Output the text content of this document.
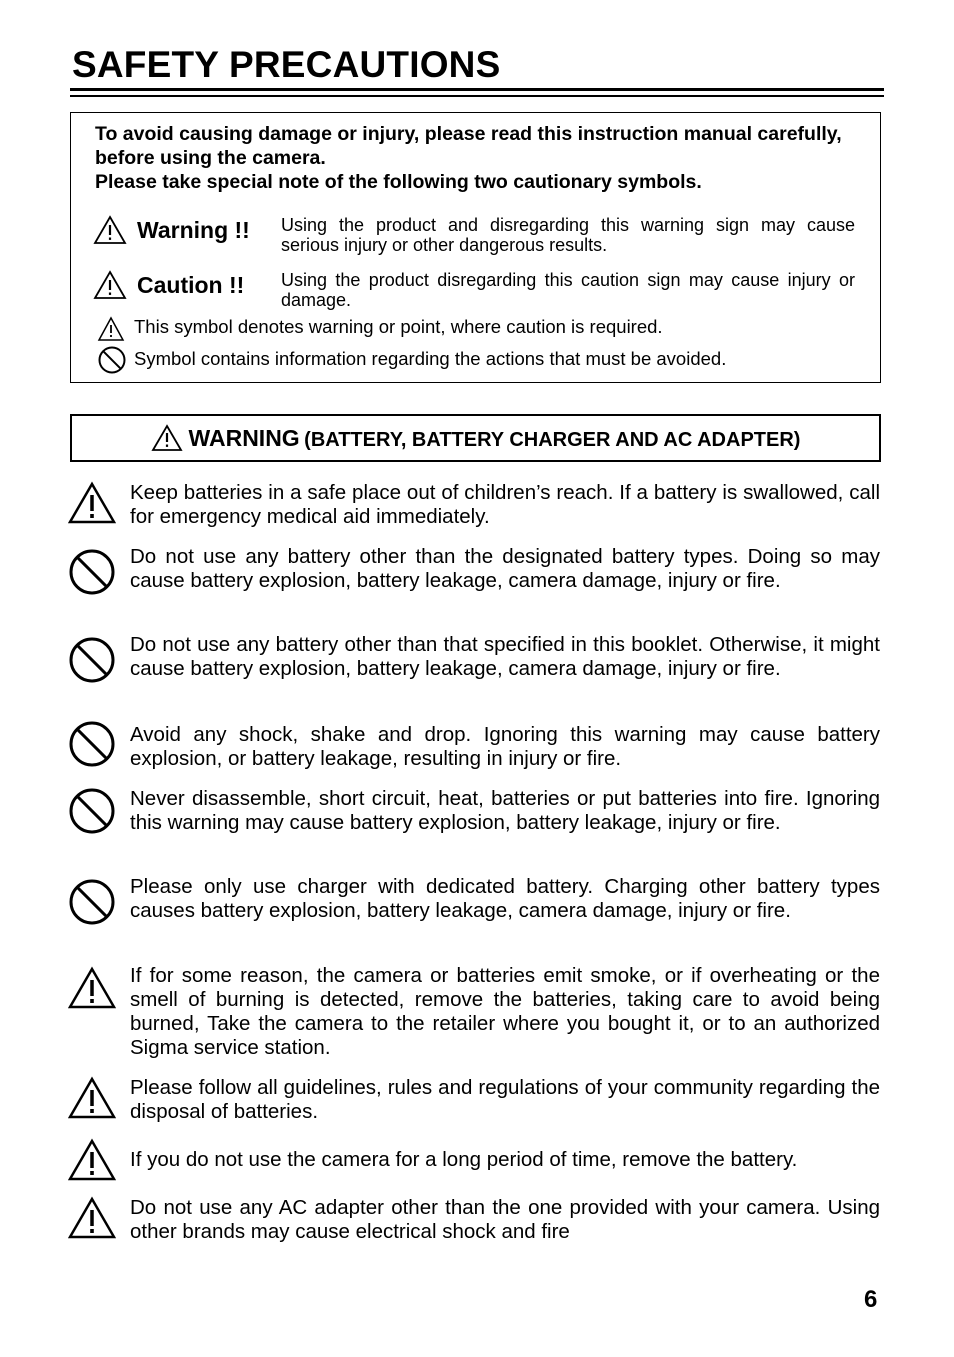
SAFETY PRECAUTIONS
To avoid causing damage or injury, please read this instruction manual carefully, before using the camera.
Please take special note of the following two cautionary symbols.
Warning !! Using the product and disregarding this warning sign may cause serious injury or other dangerous results.
Caution !! Using the product disregarding this caution sign may cause injury or damage.
This symbol denotes warning or point, where caution is required.
Symbol contains information regarding the actions that must be avoided.
WARNING (BATTERY, BATTERY CHARGER AND AC ADAPTER)
Keep batteries in a safe place out of children’s reach. If a battery is swallowed, call for emergency medical aid immediately.
Do not use any battery other than the designated battery types. Doing so may cause battery explosion, battery leakage, camera damage, injury or fire.
Do not use any battery other than that specified in this booklet. Otherwise, it might cause battery explosion, battery leakage, camera damage, injury or fire.
Avoid any shock, shake and drop. Ignoring this warning may cause battery explosion, or battery leakage, resulting in injury or fire.
Never disassemble, short circuit, heat, batteries or put batteries into fire. Ignoring this warning may cause battery explosion, battery leakage, injury or fire.
Please only use charger with dedicated battery. Charging other battery types causes battery explosion, battery leakage, camera damage, injury or fire.
If for some reason, the camera or batteries emit smoke, or if overheating or the smell of burning is detected, remove the batteries, taking care to avoid being burned, Take the camera to the retailer where you bought it, or to an authorized Sigma service station.
Please follow all guidelines, rules and regulations of your community regarding the disposal of batteries.
If you do not use the camera for a long period of time, remove the battery.
Do not use any AC adapter other than the one provided with your camera. Using other brands may cause electrical shock and fire
6
